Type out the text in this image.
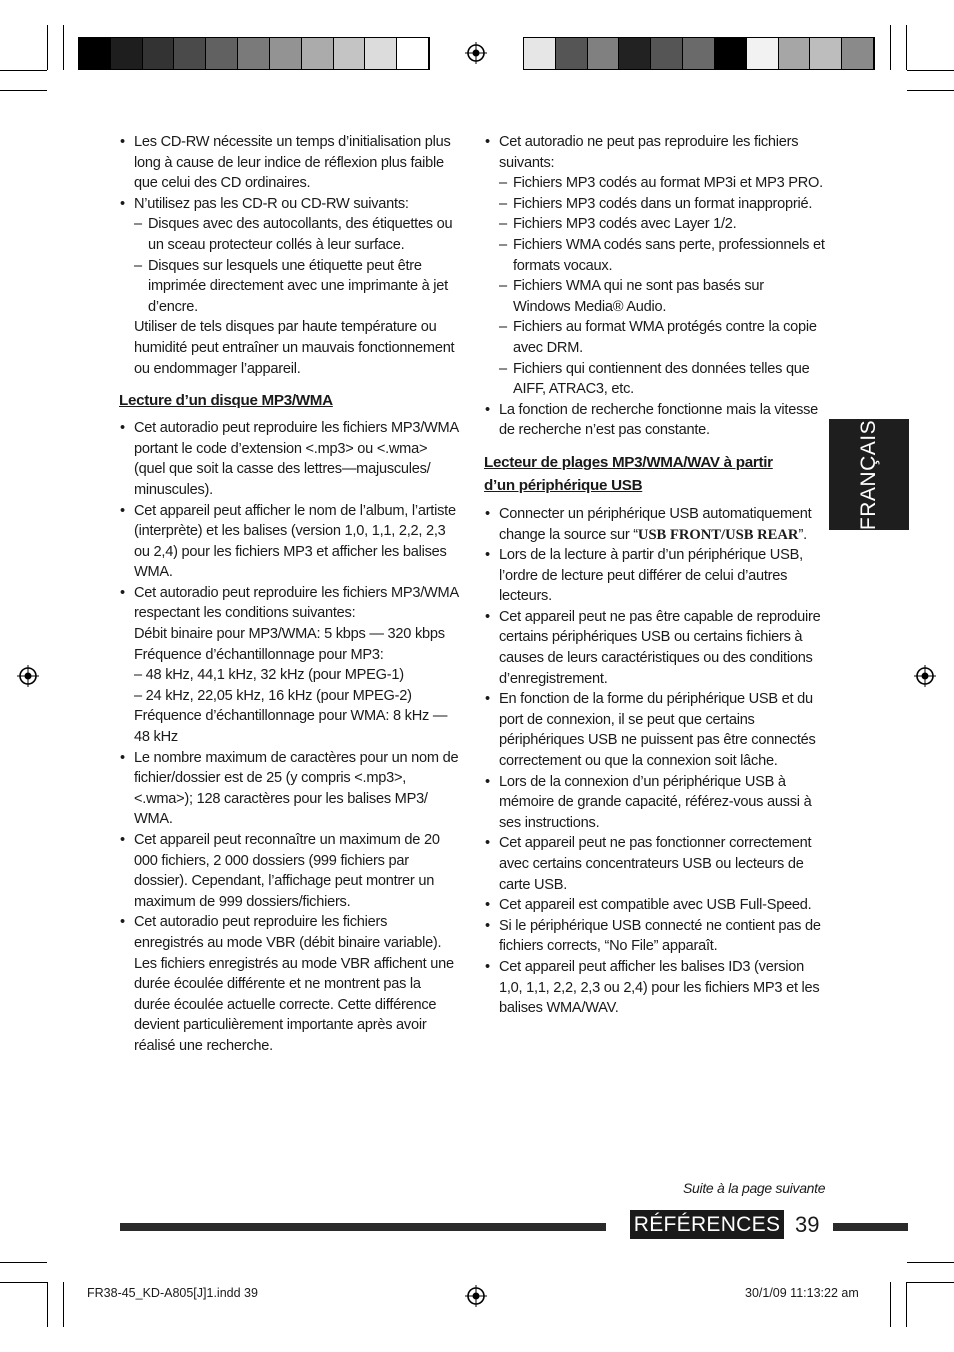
• Les CD-RW nécessite un temps d’initialisation plus long à cause de leur indice de réflexion plus faible que celui des CD ordinaires.
• N’utilisez pas les CD-R ou CD-RW suivants:
– Disques avec des autocollants, des étiquettes ou un sceau protecteur collés à leur surface.
– Disques sur lesquels une étiquette peut être imprimée directement avec une imprimante à jet d’encre.
Utiliser de tels disques par haute température ou humidité peut entraîner un mauvais fonctionnement ou endommager l’appareil.
Lecture d’un disque MP3/WMA
• Cet autoradio peut reproduire les fichiers MP3/WMA portant le code d’extension <.mp3> ou <.wma> (quel que soit la casse des lettres—majuscules/ minuscules).
• Cet appareil peut afficher le nom de l’album, l’artiste (interprète) et les balises (version 1,0, 1,1, 2,2, 2,3 ou 2,4) pour les fichiers MP3 et afficher les balises WMA.
• Cet autoradio peut reproduire les fichiers MP3/WMA respectant les conditions suivantes:
Débit binaire pour MP3/WMA: 5 kbps — 320 kbps
Fréquence d’échantillonnage pour MP3:
– 48 kHz, 44,1 kHz, 32 kHz (pour MPEG-1)
– 24 kHz, 22,05 kHz, 16 kHz (pour MPEG-2)
Fréquence d’échantillonnage pour WMA: 8 kHz — 48 kHz
• Le nombre maximum de caractères pour un nom de fichier/dossier est de 25 (y compris <.mp3>, <.wma>); 128 caractères pour les balises MP3/ WMA.
• Cet appareil peut reconnaître un maximum de 20 000 fichiers, 2 000 dossiers (999 fichiers par dossier). Cependant, l’affichage peut montrer un maximum de 999 dossiers/fichiers.
• Cet autoradio peut reproduire les fichiers enregistrés au mode VBR (débit binaire variable).
Les fichiers enregistrés au mode VBR affichent une durée écoulée différente et ne montrent pas la durée écoulée actuelle correcte. Cette différence devient particulièrement importante après avoir réalisé une recherche.
• Cet autoradio ne peut pas reproduire les fichiers suivants:
– Fichiers MP3 codés au format MP3i et MP3 PRO.
– Fichiers MP3 codés dans un format inapproprié.
– Fichiers MP3 codés avec Layer 1/2.
– Fichiers WMA codés sans perte, professionnels et formats vocaux.
– Fichiers WMA qui ne sont pas basés sur Windows Media® Audio.
– Fichiers au format WMA protégés contre la copie avec DRM.
– Fichiers qui contiennent des données telles que AIFF, ATRAC3, etc.
• La fonction de recherche fonctionne mais la vitesse de recherche n’est pas constante.
Lecteur de plages MP3/WMA/WAV à partir d’un périphérique USB
• Connecter un périphérique USB automatiquement change la source sur “USB FRONT/USB REAR”.
• Lors de la lecture à partir d’un périphérique USB, l’ordre de lecture peut différer de celui d’autres lecteurs.
• Cet appareil peut ne pas être capable de reproduire certains périphériques USB ou certains fichiers à causes de leurs caractéristiques ou des conditions d’enregistrement.
• En fonction de la forme du périphérique USB et du port de connexion, il se peut que certains périphériques USB ne puissent pas être connectés correctement ou que la connexion soit lâche.
• Lors de la connexion d’un périphérique USB à mémoire de grande capacité, référez-vous aussi à ses instructions.
• Cet appareil peut ne pas fonctionner correctement avec certains concentrateurs USB ou lecteurs de carte USB.
• Cet appareil est compatible avec USB Full-Speed.
• Si le périphérique USB connecté ne contient pas de fichiers corrects, “No File” apparaît.
• Cet appareil peut afficher les balises ID3 (version 1,0, 1,1, 2,2, 2,3 ou 2,4) pour les fichiers MP3 et les balises WMA/WAV.
FRANÇAIS
Suite à la page suivante
RÉFÉRENCES 39
FR38-45_KD-A805[J]1.indd 39	30/1/09 11:13:22 am
